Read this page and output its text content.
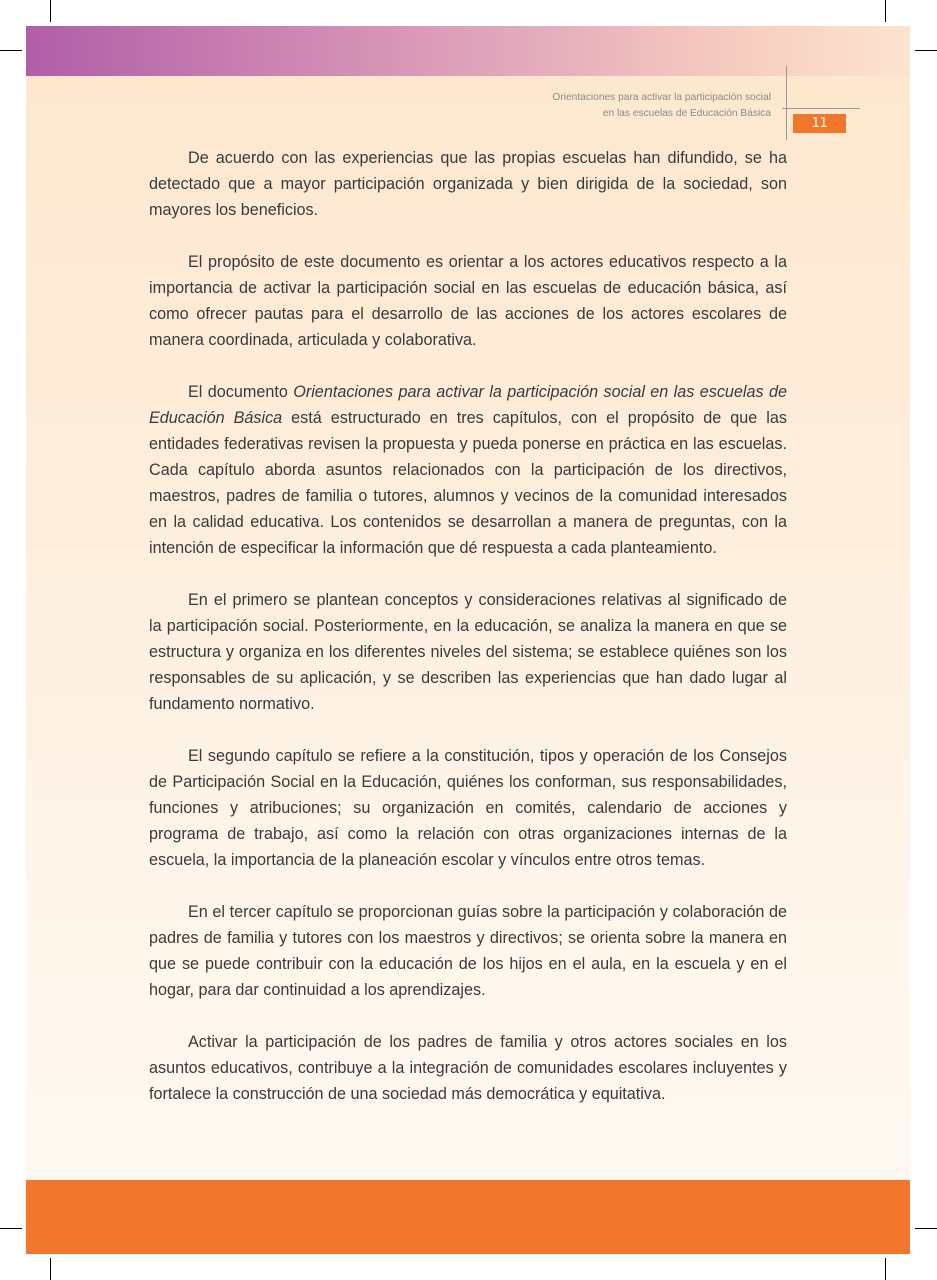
Orientaciones para activar la participación social
en las escuelas de Educación Básica
11

De acuerdo con las experiencias que las propias escuelas han difundido, se ha detectado que a mayor participación organizada y bien dirigida de la sociedad, son mayores los beneficios.

El propósito de este documento es orientar a los actores educativos respecto a la importancia de activar la participación social en las escuelas de educación básica, así como ofrecer pautas para el desarrollo de las acciones de los actores escolares de manera coordinada, articulada y colaborativa.

El documento Orientaciones para activar la participación social en las escuelas de Educación Básica está estructurado en tres capítulos, con el propósito de que las entidades federativas revisen la propuesta y pueda ponerse en práctica en las escuelas. Cada capítulo aborda asuntos relacionados con la participación de los directivos, maestros, padres de familia o tutores, alumnos y vecinos de la comunidad interesados en la calidad educativa. Los contenidos se desarrollan a manera de preguntas, con la intención de especificar la información que dé respuesta a cada planteamiento.

En el primero se plantean conceptos y consideraciones relativas al significado de la participación social. Posteriormente, en la educación, se analiza la manera en que se estructura y organiza en los diferentes niveles del sistema; se establece quiénes son los responsables de su aplicación, y se describen las experiencias que han dado lugar al fundamento normativo.

El segundo capítulo se refiere a la constitución, tipos y operación de los Consejos de Participación Social en la Educación, quiénes los conforman, sus responsabilidades, funciones y atribuciones; su organización en comités, calendario de acciones y programa de trabajo, así como la relación con otras organizaciones internas de la escuela, la importancia de la planeación escolar y vínculos entre otros temas.

En el tercer capítulo se proporcionan guías sobre la participación y colaboración de padres de familia y tutores con los maestros y directivos; se orienta sobre la manera en que se puede contribuir con la educación de los hijos en el aula, en la escuela y en el hogar, para dar continuidad a los aprendizajes.

Activar la participación de los padres de familia y otros actores sociales en los asuntos educativos, contribuye a la integración de comunidades escolares incluyentes y fortalece la construcción de una sociedad más democrática y equitativa.
